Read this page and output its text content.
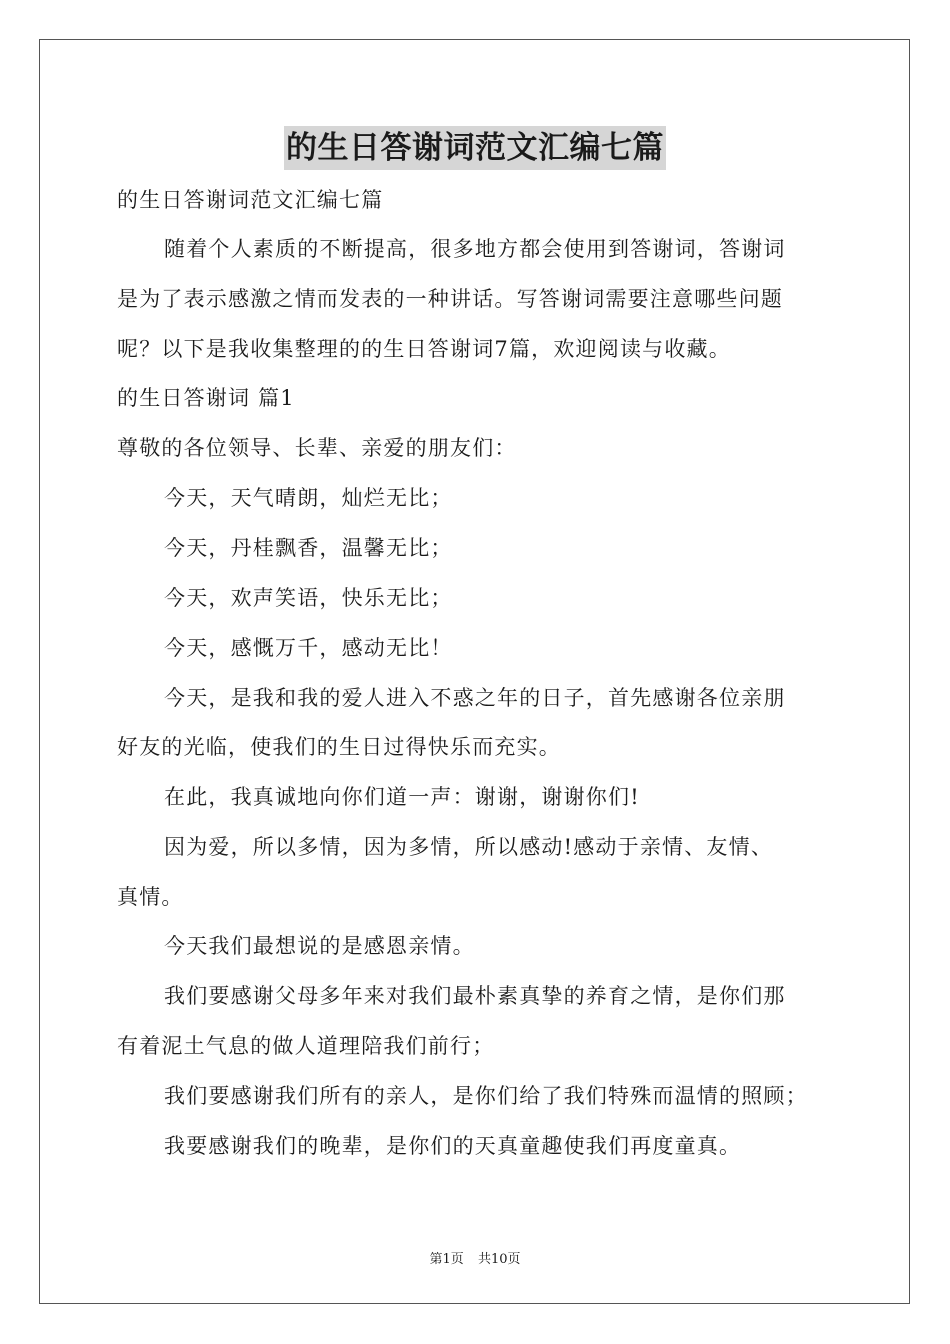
的生日答谢词范文汇编七篇
的生日答谢词范文汇编七篇
随着个人素质的不断提高，很多地方都会使用到答谢词，答谢词
是为了表示感激之情而发表的一种讲话。写答谢词需要注意哪些问题
呢？以下是我收集整理的的生日答谢词7篇，欢迎阅读与收藏。
的生日答谢词 篇1
尊敬的各位领导、长辈、亲爱的朋友们：
今天，天气晴朗，灿烂无比；
今天，丹桂飘香，温馨无比；
今天，欢声笑语，快乐无比；
今天，感慨万千，感动无比！
今天，是我和我的爱人进入不惑之年的日子，首先感谢各位亲朋
好友的光临，使我们的生日过得快乐而充实。
在此，我真诚地向你们道一声：谢谢，谢谢你们!
因为爱，所以多情，因为多情，所以感动!感动于亲情、友情、
真情。
今天我们最想说的是感恩亲情。
我们要感谢父母多年来对我们最朴素真挚的养育之情，是你们那
有着泥土气息的做人道理陪我们前行；
我们要感谢我们所有的亲人，是你们给了我们特殊而温情的照顾；
我要感谢我们的晚辈，是你们的天真童趣使我们再度童真。
第1页 共10页
